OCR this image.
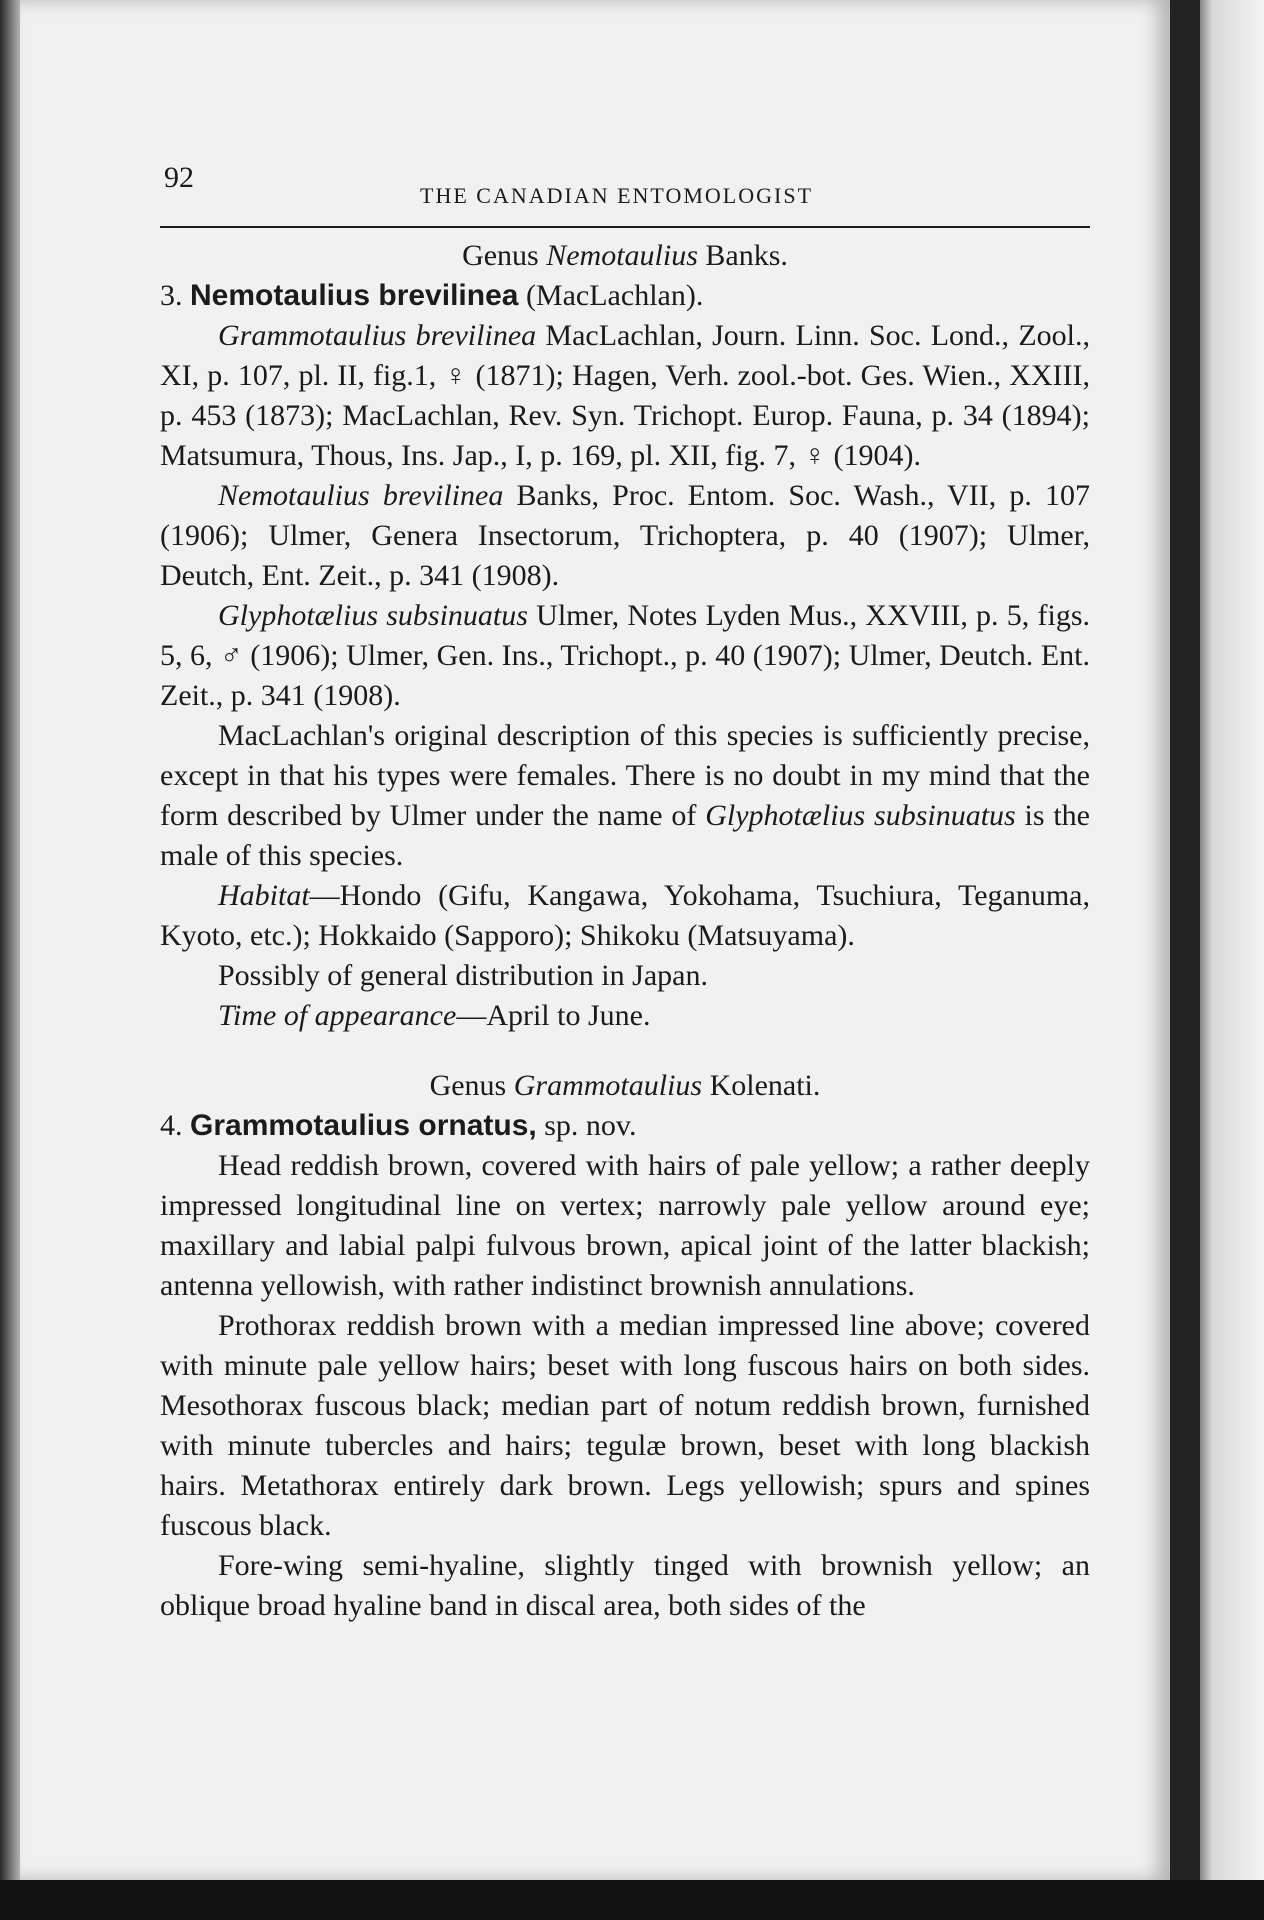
92
THE CANADIAN ENTOMOLOGIST

Genus Nemotaulius Banks.

3. Nemotaulius brevilinea (MacLachlan).

Grammotaulius brevilinea MacLachlan, Journ. Linn. Soc. Lond., Zool., XI, p. 107, pl. II, fig.1, ♀ (1871); Hagen, Verh. zool.-bot. Ges. Wien., XXIII, p. 453 (1873); MacLachlan, Rev. Syn. Trichopt. Europ. Fauna, p. 34 (1894); Matsumura, Thous, Ins. Jap., I, p. 169, pl. XII, fig. 7, ♀ (1904).

Nemotaulius brevilinea Banks, Proc. Entom. Soc. Wash., VII, p. 107 (1906); Ulmer, Genera Insectorum, Trichoptera, p. 40 (1907); Ulmer, Deutch, Ent. Zeit., p. 341 (1908).

Glyphotælius subsinuatus Ulmer, Notes Lyden Mus., XXVIII, p. 5, figs. 5, 6, ♂ (1906); Ulmer, Gen. Ins., Trichopt., p. 40 (1907); Ulmer, Deutch. Ent. Zeit., p. 341 (1908).

MacLachlan's original description of this species is sufficiently precise, except in that his types were females. There is no doubt in my mind that the form described by Ulmer under the name of Glyphotælius subsinuatus is the male of this species.

Habitat—Hondo (Gifu, Kangawa, Yokohama, Tsuchiura, Teganuma, Kyoto, etc.); Hokkaido (Sapporo); Shikoku (Matsuyama).

Possibly of general distribution in Japan.

Time of appearance—April to June.

Genus Grammotaulius Kolenati.

4. Grammotaulius ornatus, sp. nov.

Head reddish brown, covered with hairs of pale yellow; a rather deeply impressed longitudinal line on vertex; narrowly pale yellow around eye; maxillary and labial palpi fulvous brown, apical joint of the latter blackish; antenna yellowish, with rather indistinct brownish annulations.

Prothorax reddish brown with a median impressed line above; covered with minute pale yellow hairs; beset with long fuscous hairs on both sides. Mesothorax fuscous black; median part of notum reddish brown, furnished with minute tubercles and hairs; tegulæ brown, beset with long blackish hairs. Metathorax entirely dark brown. Legs yellowish; spurs and spines fuscous black.

Fore-wing semi-hyaline, slightly tinged with brownish yellow; an oblique broad hyaline band in discal area, both sides of the
